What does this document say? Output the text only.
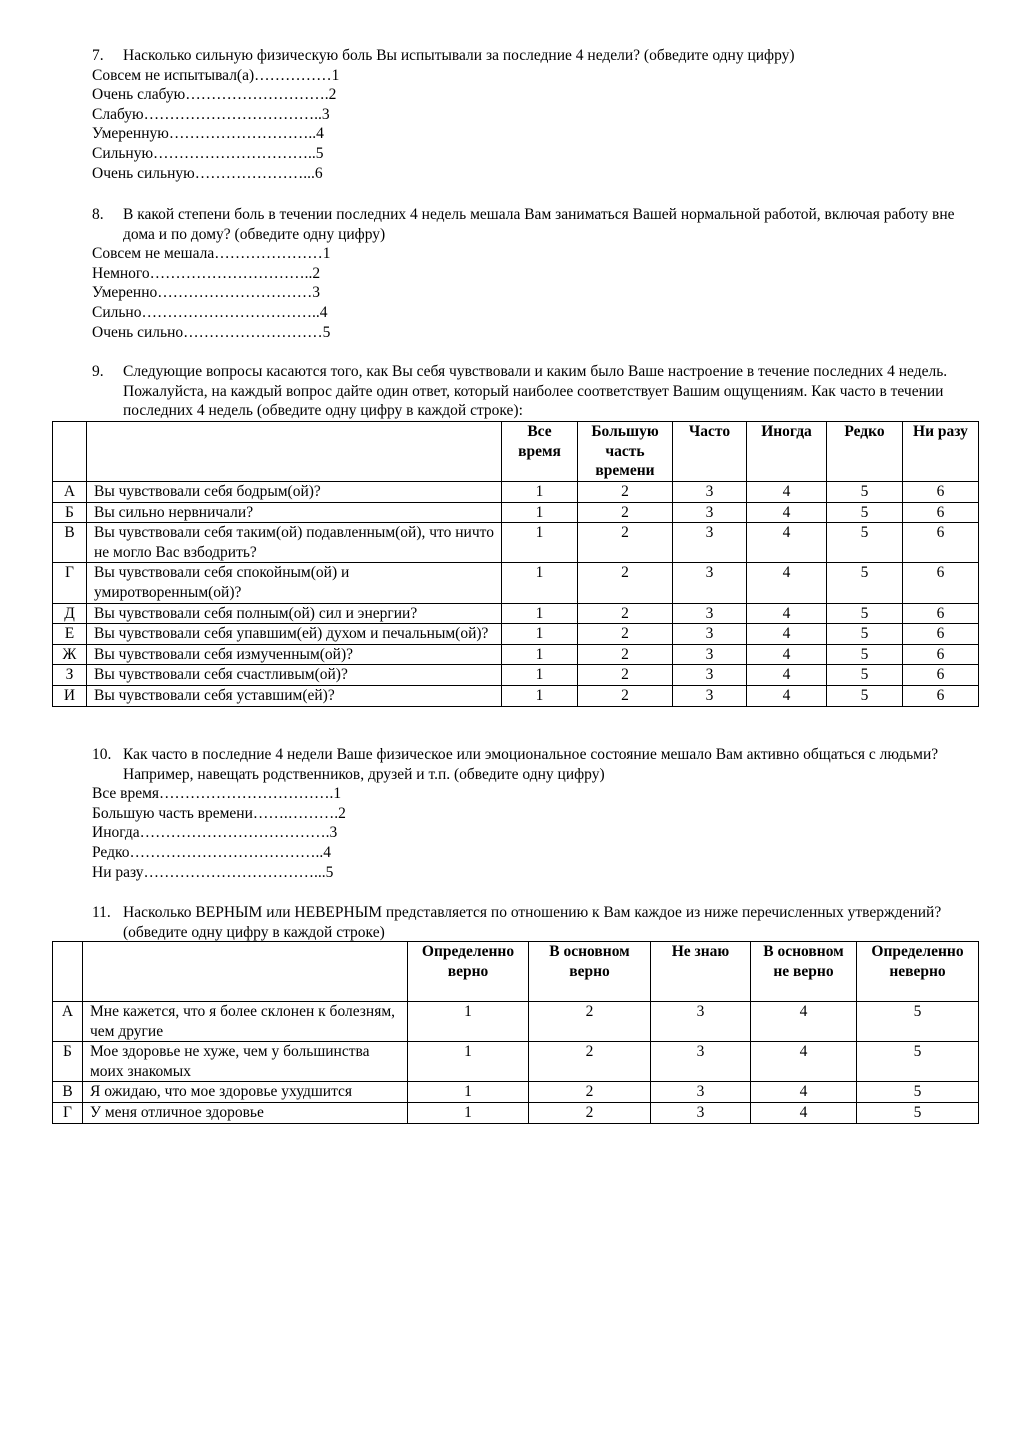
7.	Насколько сильную физическую боль Вы испытывали за последние 4 недели? (обведите одну цифру)
Совсем не испытывал(а)……………1
Очень слабую……………………….2
Слабую……………………………..3
Умеренную………………………..4
Сильную…………………………..5
Очень сильную…………………...6
8.	В какой степени боль в течении последних 4 недель мешала Вам заниматься Вашей нормальной работой, включая работу вне дома и по дому? (обведите одну цифру)
Совсем не мешала…………………1
Немного…………………………..2
Умеренно…………………………3
Сильно……………………………..4
Очень сильно………………………5
9.	Следующие вопросы касаются того, как Вы себя чувствовали и каким было Ваше настроение в течение последних 4 недель. Пожалуйста, на каждый вопрос дайте один ответ, который наиболее соответствует Вашим ощущениям. Как часто в течении последних 4 недель (обведите одну цифру в каждой строке):
		Все время	Большую часть времени	Часто	Иногда	Редко	Ни разу
А	Вы чувствовали себя бодрым(ой)?	1	2	3	4	5	6
Б	Вы сильно нервничали?	1	2	3	4	5	6
В	Вы чувствовали себя таким(ой) подавленным(ой), что ничто не могло Вас взбодрить?	1	2	3	4	5	6
Г	Вы чувствовали себя спокойным(ой) и умиротворенным(ой)?	1	2	3	4	5	6
Д	Вы чувствовали себя полным(ой) сил и энергии?	1	2	3	4	5	6
Е	Вы чувствовали себя упавшим(ей) духом и печальным(ой)?	1	2	3	4	5	6
Ж	Вы чувствовали себя измученным(ой)?	1	2	3	4	5	6
З	Вы чувствовали себя счастливым(ой)?	1	2	3	4	5	6
И	Вы чувствовали себя уставшим(ей)?	1	2	3	4	5	6
10. Как часто в последние 4 недели Ваше физическое или эмоциональное состояние мешало Вам активно общаться с людьми? Например, навещать родственников, друзей и т.п. (обведите одну цифру)
Все время…………………………….1
Большую часть времени…….……….2
Иногда……………………………….3
Редко………………………………..4
Ни разу……………………………...5
11. Насколько ВЕРНЫМ или НЕВЕРНЫМ представляется по отношению к Вам каждое из ниже перечисленных утверждений? (обведите одну цифру в каждой строке)
		Определенно верно	В основном верно	Не знаю	В основном не верно	Определенно неверно
А	Мне кажется, что я более склонен к болезням, чем другие	1	2	3	4	5
Б	Мое здоровье не хуже, чем у большинства моих знакомых	1	2	3	4	5
В	Я ожидаю, что мое здоровье ухудшится	1	2	3	4	5
Г	У меня отличное здоровье	1	2	3	4	5
